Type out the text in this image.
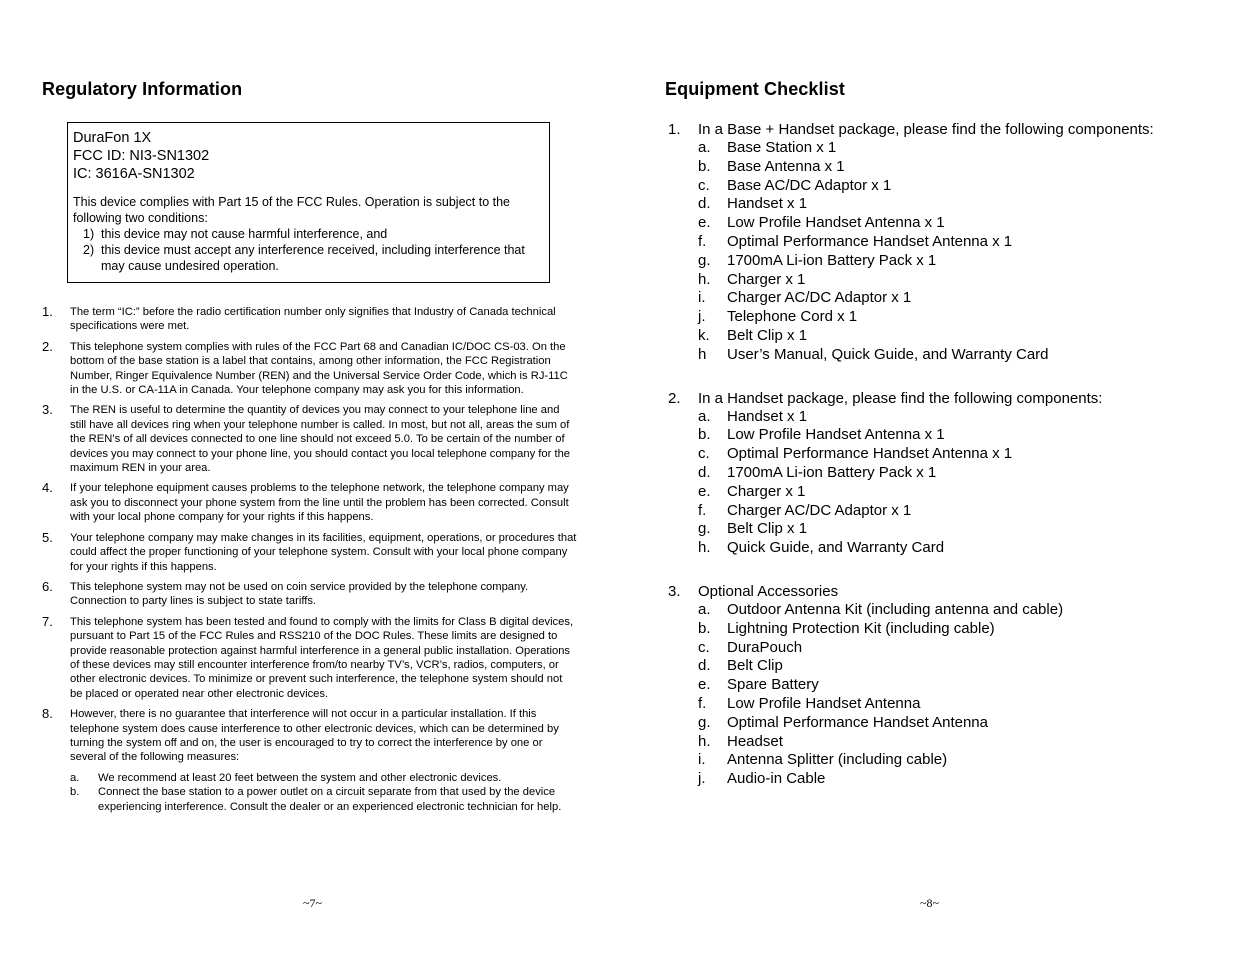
Regulatory Information
DuraFon 1X
FCC ID: NI3-SN1302
IC: 3616A-SN1302
This device complies with Part 15 of the FCC Rules. Operation is subject to the following two conditions:
1) this device may not cause harmful interference, and
2) this device must accept any interference received, including interference that may cause undesired operation.
1.	The term “IC:” before the radio certification number only signifies that Industry of Canada technical specifications were met.
2.	This telephone system complies with rules of the FCC Part 68 and Canadian IC/DOC CS-03. On the bottom of the base station is a label that contains, among other information, the FCC Registration Number, Ringer Equivalence Number (REN) and the Universal Service Order Code, which is RJ-11C in the U.S. or CA-11A in Canada. Your telephone company may ask you for this information.
3.	The REN is useful to determine the quantity of devices you may connect to your telephone line and still have all devices ring when your telephone number is called. In most, but not all, areas the sum of the REN’s of all devices connected to one line should not exceed 5.0. To be certain of the number of devices you may connect to your phone line, you should contact you local telephone company for the maximum REN in your area.
4.	If your telephone equipment causes problems to the telephone network, the telephone company may ask you to disconnect your phone system from the line until the problem has been corrected. Consult with your local phone company for your rights if this happens.
5.	Your telephone company may make changes in its facilities, equipment, operations, or procedures that could affect the proper functioning of your telephone system. Consult with your local phone company for your rights if this happens.
6.	This telephone system may not be used on coin service provided by the telephone company. Connection to party lines is subject to state tariffs.
7.	This telephone system has been tested and found to comply with the limits for Class B digital devices, pursuant to Part 15 of the FCC Rules and RSS210 of the DOC Rules. These limits are designed to provide reasonable protection against harmful interference in a general public installation. Operations of these devices may still encounter interference from/to nearby TV’s, VCR’s, radios, computers, or other electronic devices. To minimize or prevent such interference, the telephone system should not be placed or operated near other electronic devices.
8.	However, there is no guarantee that interference will not occur in a particular installation. If this telephone system does cause interference to other electronic devices, which can be determined by turning the system off and on, the user is encouraged to try to correct the interference by one or several of the following measures:
a.	We recommend at least 20 feet between the system and other electronic devices.
b.	Connect the base station to a power outlet on a circuit separate from that used by the device experiencing interference. Consult the dealer or an experienced electronic technician for help.
~7~
Equipment Checklist
1.	In a Base + Handset package, please find the following components:
a.	Base Station x 1
b.	Base Antenna x 1
c.	Base AC/DC Adaptor x 1
d.	Handset x 1
e.	Low Profile Handset Antenna x 1
f.	Optimal Performance Handset Antenna x 1
g.	1700mA Li-ion Battery Pack x 1
h.	Charger x 1
i.	Charger AC/DC Adaptor x 1
j.	Telephone Cord x 1
k.	Belt Clip x 1
h	User’s Manual, Quick Guide, and Warranty Card
2.	In a Handset package, please find the following components:
a.	Handset x 1
b.	Low Profile Handset Antenna x 1
c.	Optimal Performance Handset Antenna x 1
d.	1700mA Li-ion Battery Pack x 1
e.	Charger x 1
f.	Charger AC/DC Adaptor x 1
g.	Belt Clip x 1
h.	Quick Guide, and Warranty Card
3.	Optional Accessories
a.	Outdoor Antenna Kit (including antenna and cable)
b.	Lightning Protection Kit (including cable)
c.	DuraPouch
d.	Belt Clip
e.	Spare Battery
f.	Low Profile Handset Antenna
g.	Optimal Performance Handset Antenna
h.	Headset
i.	Antenna Splitter (including cable)
j.	Audio-in Cable
~8~
